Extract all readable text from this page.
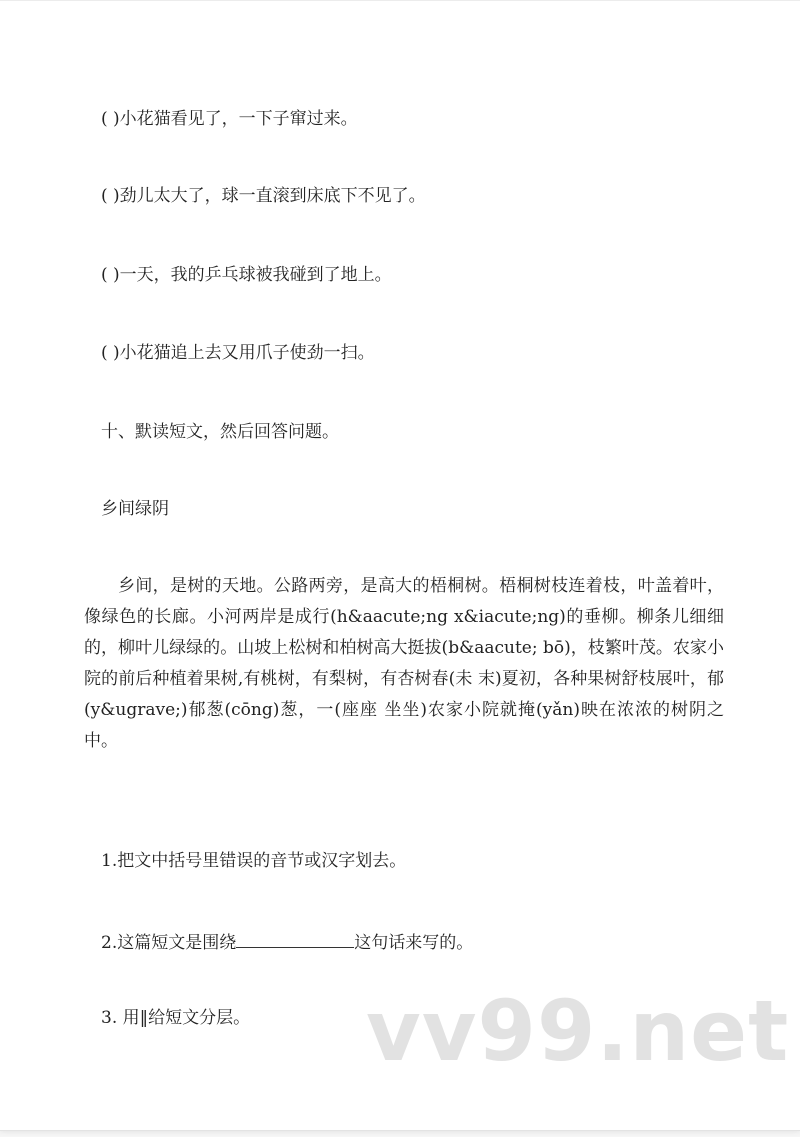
( )小花猫看见了，一下子窜过来。
( )劲儿太大了，球一直滚到床底下不见了。
( )一天，我的乒乓球被我碰到了地上。
( )小花猫追上去又用爪子使劲一扫。
十、默读短文，然后回答问题。
乡间绿阴
乡间，是树的天地。公路两旁，是高大的梧桐树。梧桐树枝连着枝，叶盖着叶，像绿色的长廊。小河两岸是成行(h&aacute;ng x&iacute;ng)的垂柳。柳条儿细细的，柳叶儿绿绿的。山坡上松树和柏树高大挺拔(b&aacute; bō)，枝繁叶茂。农家小院的前后种植着果树,有桃树，有梨树，有杏树春(未 末)夏初，各种果树舒枝展叶，郁(y&ugrave;)郁葱(cōng)葱，一(座座 坐坐)农家小院就掩(yǎn)映在浓浓的树阴之中。
1.把文中括号里错误的音节或汉字划去。
2.这篇短文是围绕	这句话来写的。
3. 用‖给短文分层。 vv99.net
